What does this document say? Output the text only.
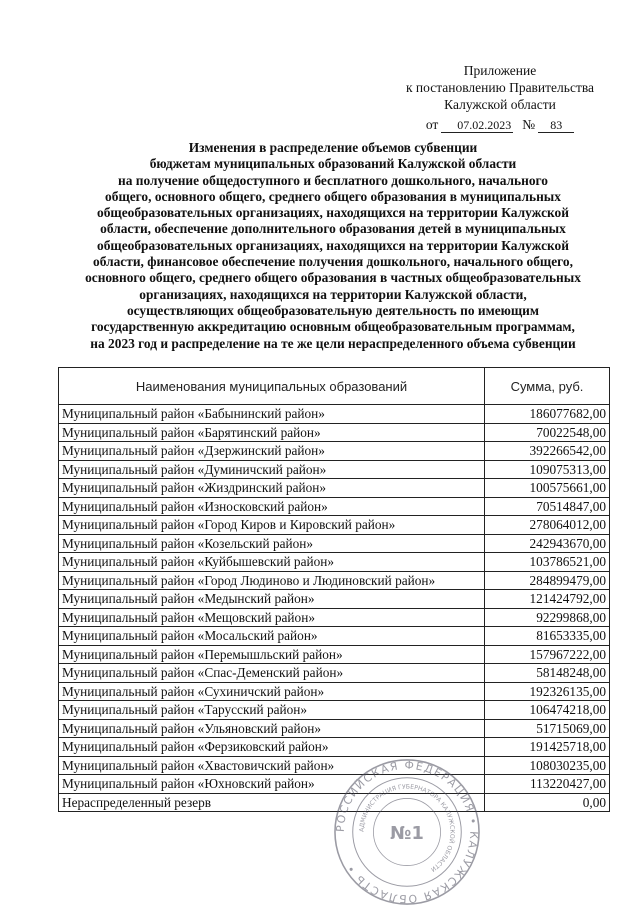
Приложение
к постановлению Правительства
Калужской области
от	07.02.2023 №	83
Изменения в распределение объемов субвенции
бюджетам муниципальных образований Калужской области
на получение общедоступного и бесплатного дошкольного, начального
общего, основного общего, среднего общего образования в муниципальных
общеобразовательных организациях, находящихся на территории Калужской
области, обеспечение дополнительного образования детей в муниципальных
общеобразовательных организациях, находящихся на территории Калужской
области, финансовое обеспечение получения дошкольного, начального общего,
основного общего, среднего общего образования в частных общеобразовательных
организациях, находящихся на территории Калужской области,
осуществляющих общеобразовательную деятельность по имеющим
государственную аккредитацию основным общеобразовательным программам,
на 2023 год и распределение на те же цели нераспределенного объема субвенции
Наименования муниципальных образований	Сумма, руб.
Муниципальный район «Бабынинский район»	186077682,00
Муниципальный район «Барятинский район»	70022548,00
Муниципальный район «Дзержинский район»	392266542,00
Муниципальный район «Думиничский район»	109075313,00
Муниципальный район «Жиздринский район»	100575661,00
Муниципальный район «Износковский район»	70514847,00
Муниципальный район «Город Киров и Кировский район»	278064012,00
Муниципальный район «Козельский район»	242943670,00
Муниципальный район «Куйбышевский район»	103786521,00
Муниципальный район «Город Людиново и Людиновский район»	284899479,00
Муниципальный район «Медынский район»	121424792,00
Муниципальный район «Мещовский район»	92299868,00
Муниципальный район «Мосальский район»	81653335,00
Муниципальный район «Перемышльский район»	157967222,00
Муниципальный район «Спас-Деменский район»	58148248,00
Муниципальный район «Сухиничский район»	192326135,00
Муниципальный район «Тарусский район»	106474218,00
Муниципальный район «Ульяновский район»	51715069,00
Муниципальный район «Ферзиковский район»	191425718,00
Муниципальный район «Хвастовичский район»	108030235,00
Муниципальный район «Юхновский район»	113220427,00
Нераспределенный резерв	0,00
РОССИЙСКАЯ ФЕДЕРАЦИЯ • КАЛУЖСКАЯ ОБЛАСТЬ •
АДМИНИСТРАЦИЯ ГУБЕРНАТОРА КАЛУЖСКОЙ ОБЛАСТИ
№1
